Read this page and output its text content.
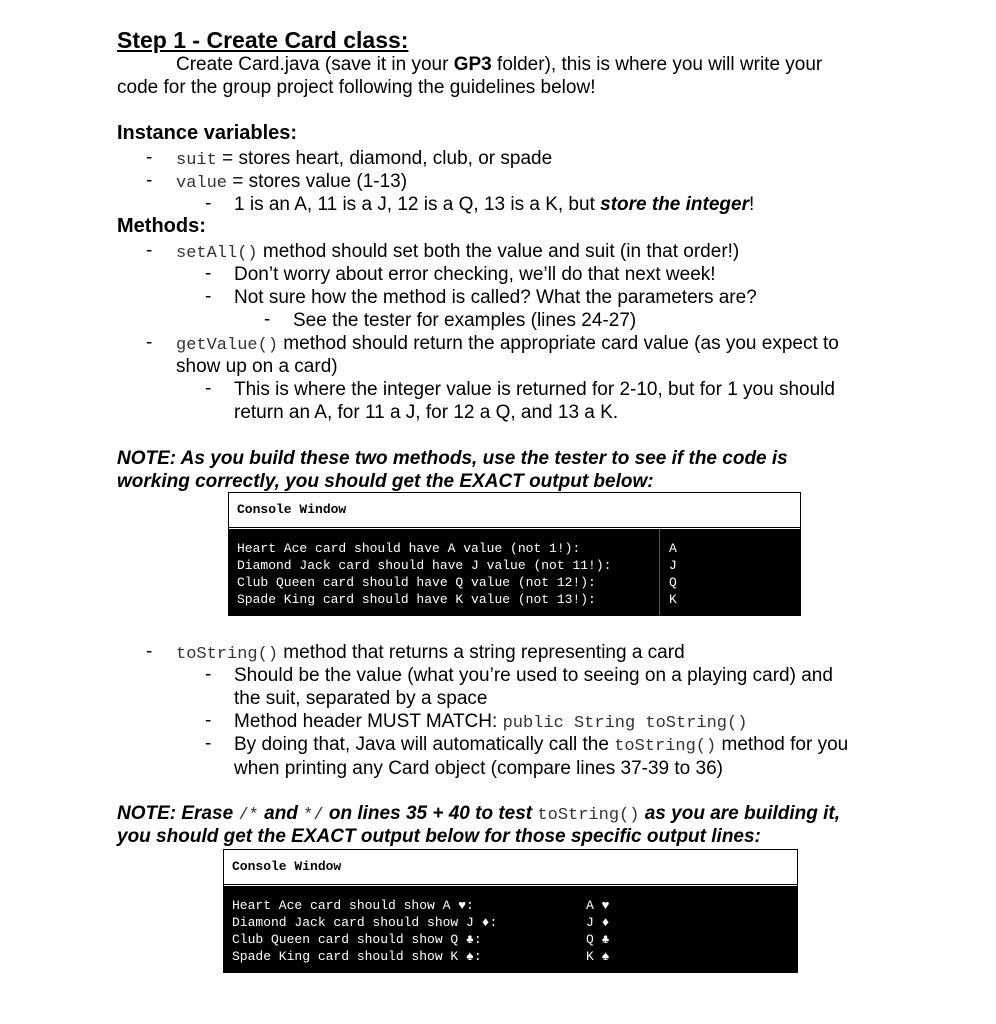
Step 1 - Create Card class:
Create Card.java (save it in your GP3 folder), this is where you will write your
code for the group project following the guidelines below!
Instance variables:
- suit = stores heart, diamond, club, or spade
- value = stores value (1-13)
- 1 is an A, 11 is a J, 12 is a Q, 13 is a K, but store the integer!
Methods:
- setAll() method should set both the value and suit (in that order!)
- Don’t worry about error checking, we’ll do that next week!
- Not sure how the method is called? What the parameters are?
- See the tester for examples (lines 24-27)
- getValue() method should return the appropriate card value (as you expect to
show up on a card)
- This is where the integer value is returned for 2-10, but for 1 you should
return an A, for 11 a J, for 12 a Q, and 13 a K.
NOTE: As you build these two methods, use the tester to see if the code is
working correctly, you should get the EXACT output below:
Console Window
Heart Ace card should have A value (not 1!):	A
Diamond Jack card should have J value (not 11!):	J
Club Queen card should have Q value (not 12!):	Q
Spade King card should have K value (not 13!):	K
- toString() method that returns a string representing a card
- Should be the value (what you’re used to seeing on a playing card) and
the suit, separated by a space
- Method header MUST MATCH: public String toString()
- By doing that, Java will automatically call the toString() method for you
when printing any Card object (compare lines 37-39 to 36)
NOTE: Erase /* and */ on lines 35 + 40 to test toString() as you are building it,
you should get the EXACT output below for those specific output lines:
Console Window
Heart Ace card should show A ♥:	A ♥
Diamond Jack card should show J ♦:	J ♦
Club Queen card should show Q ♣:	Q ♣
Spade King card should show K ♠:	K ♠
